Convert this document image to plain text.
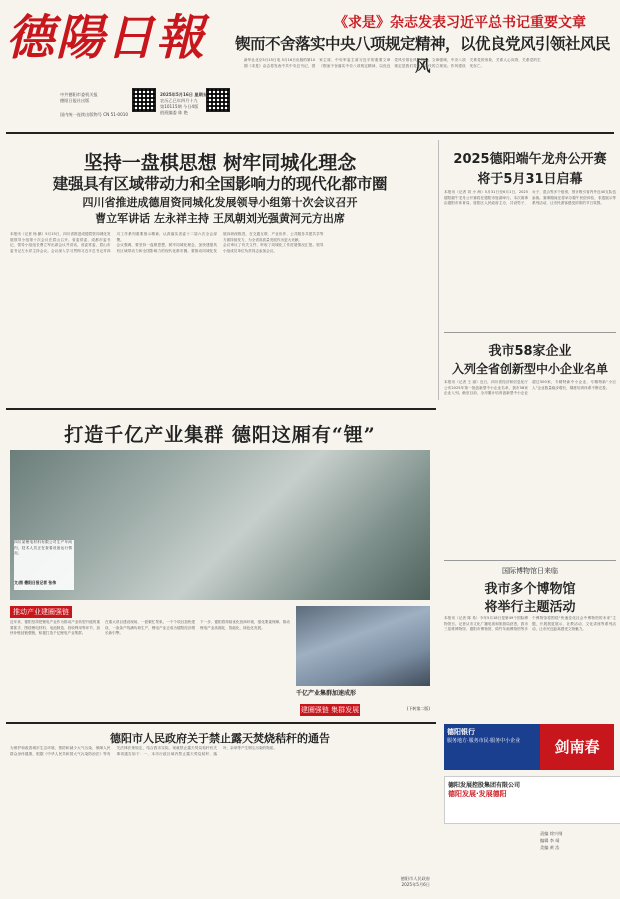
德陽日報
中共德阳市委机关报
德阳日报社出版
国内统一连续出版物号 CN 51-0010
2025年5月16日 星期五
农历乙巳年四月十九
第10115期 今日4版
值班编委 陈 艳
《求是》杂志发表习近平总书记重要文章
锲而不舍落实中央八项规定精神，以优良党风引领社风民风
新华社北京5月15日电 5月16日出版的第10期《求是》杂志将发表中共中央总书记、国家主席、中央军委主席习近平的重要文章《锲而不舍落实中央八项规定精神，以优良党风引领社风民风》。文章强调，中央八项规定是我们党在新时代的立规矩。作风建设关系党的形象，关系人心向背，关系党的生死存亡。
坚持一盘棋思想 树牢同城化理念
建强具有区域带动力和全国影响力的现代化都市圈
四川省推进成德眉资同城化发展领导小组第十次会议召开
曹立军讲话 左永祥主持 王凤朝刘光强黄河元方出席

本报讯（记者 杨 鹏）5月15日，四川省推进成德眉资同城化发展领导小组第十次会议在眉山召开。省委常委、成都市委书记、领导小组组长曹立军出席会议并讲话，省委常委、眉山市委书记左永祥主持会议。会议深入学习贯彻习近平总书记对四川工作系列重要指示精神，认真落实省委十二届六次全会部署。

会议强调，要坚持一盘棋思想，树牢同城化理念，加快建强具有区域带动力和全国影响力的现代化都市圈。要推动同城化发展向纵深推进，在交通互联、产业协作、公共服务共建共享等方面持续发力，为全省高质量发展作出更大贡献。

会议审议了有关文件，听取了同城化工作进展情况汇报。领导小组成员单位负责同志参加会议。

2025德阳端午龙舟公开赛
将于5月31日启幕
本报讯（记者 刘 小 海）5月31日至6月1日，2025德阳端午龙舟公开赛将在德阳市旌湖举行。本次赛事由德阳市体育局、旌阳区人民政府主办，共设男子、女子、混合等多个组别，预计吸引省内外近40支队伍参赛。赛事期间还将举办端午民俗体验、非遗展示等系列活动，让市民游客感受浓浓的节日氛围。
我市58家企业
入列全省创新型中小企业名单
本报讯（记者 王 丽）近日，四川省经济和信息化厅公布2025年第一批创新型中小企业名单，我市58家企业入列。截至目前，全市累计培育创新型中小企业超过500家，专精特新中小企业、专精特新“小巨人”企业数量稳步增长，梯度培育体系不断完善。
打造千亿产业集群 德阳这厢有“锂”
四川某锂电材料有限公司生产车间内，技术人员正在查看设备运行情况。
文/图 德阳日报记者 张伟
推动产业建圈强链

近年来，德阳坚持把锂电产业作为推动产业转型升级的重要抓手，围绕锂电材料、电池制造、回收利用等环节，加快补链延链强链，积极打造千亿锂电产业集群。

在重大项目建设现场，一派繁忙景象。一个个项目加快建设、一条条产线满负荷生产，锂电产业正成为德阳经济增长新引擎。

下一步，德阳将持续优化营商环境，强化要素保障，推动锂电产业高端化、智能化、绿色化发展。

千亿产业集群加速成形
建圈强链 集群发展	(下转第二版)
国际博物馆日来临
我市多个博物馆
将举行主题活动
本报讯（记者 陈 希）今年5月18日是第49个国际博物馆日。记者从市文化广播电视和旅游局获悉，我市三星堆博物馆、德阳市博物馆、绵竹年画博物馆等多个博物馆将围绕“快速变化社会中博物馆的未来”主题，开展展览展示、社教活动、文化讲座等系列活动，让市民近距离感受文物魅力。
德阳市人民政府关于禁止露天焚烧秸秆的通告
为保护和改善城市生态环境，预防和减少大气污染，保障人民群众身体健康，根据《中华人民共和国大气污染防治法》等有关法律法规规定，结合我市实际，现就禁止露天焚烧秸秆有关事项通告如下：一、本市行政区域内禁止露天焚烧秸秆、落叶、杂草等产生烟尘污染的物质。
德阳市人民政府
2025年5月6日
德阳银行
服务地方·服务市民·服务中小企业	剑南春
德阳发展控股集团有限公司
德阳发展·发展德阳
责编 徐兴纲
编辑 李 靖
美编 黄 浩
